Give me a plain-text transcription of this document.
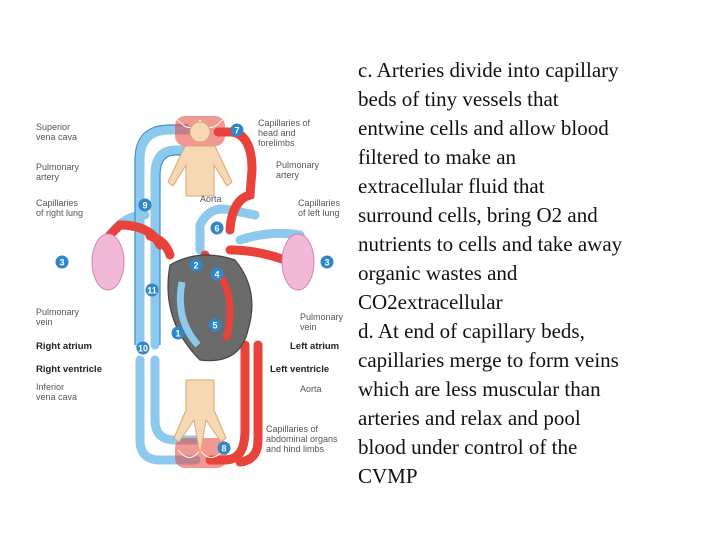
Superior vena cava
Capillaries of head and forelimbs
Pulmonary artery
Pulmonary artery
Capillaries of right lung
Capillaries of left lung
Aorta
Pulmonary vein	Pulmonary vein
Right atrium	Left atrium
Right ventricle	Left ventricle
Inferior vena cava
Aorta
Capillaries of abdominal organs and hind limbs
1
2
3	3
4
5
6
7
8
9
10
11

c. Arteries divide into capillary
beds of tiny vessels that
entwine cells and allow blood
filtered to make an
extracellular fluid that
surround cells, bring O2 and
nutrients to cells and take away
organic wastes and
CO2extracellular

d. At end of capillary beds,
capillaries merge to form veins
which are less muscular than
arteries and relax and pool
blood under control of the
CVMP
